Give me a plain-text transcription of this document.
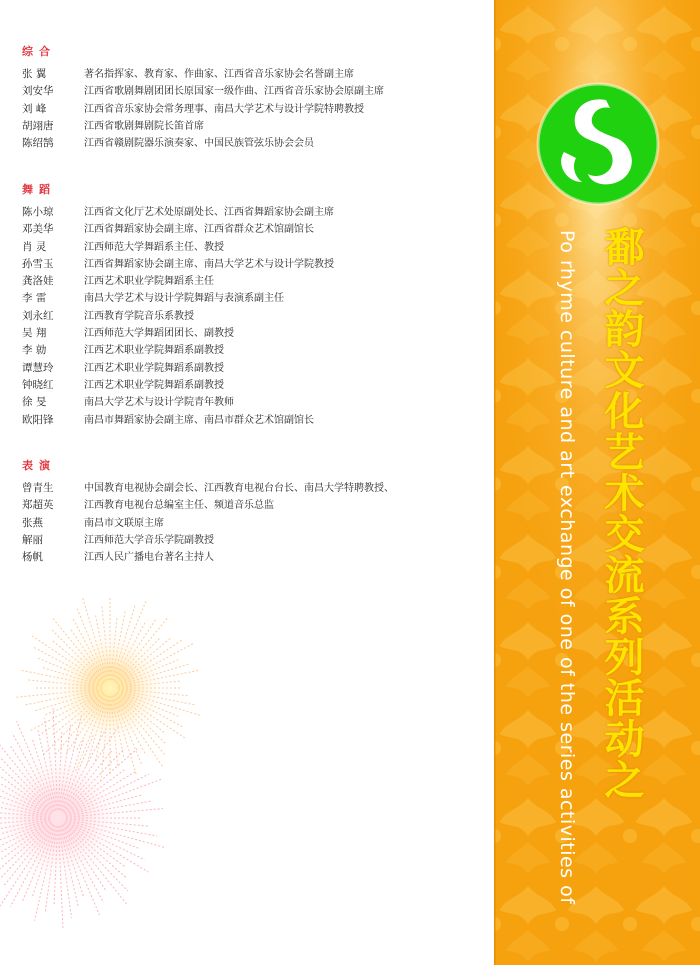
综合
张 翼	著名指挥家、教育家、作曲家、江西省音乐家协会名誉副主席
刘安华	江西省歌剧舞剧团团长原国家一级作曲、江西省音乐家协会原副主席
刘 峰	江西省音乐家协会常务理事、南昌大学艺术与设计学院特聘教授
胡翊唐	江西省歌剧舞剧院长笛首席
陈绍鹄	江西省赣剧院器乐演奏家、中国民族管弦乐协会会员
舞蹈
陈小琼	江西省文化厅艺术处原副处长、江西省舞蹈家协会副主席
邓美华	江西省舞蹈家协会副主席、江西省群众艺术馆副馆长
肖 灵	江西师范大学舞蹈系主任、教授
孙雪玉	江西省舞蹈家协会副主席、南昌大学艺术与设计学院教授
龚洛娃	江西艺术职业学院舞蹈系主任
李 雷	南昌大学艺术与设计学院舞蹈与表演系副主任
刘永红	江西教育学院音乐系教授
吴 翔	江西师范大学舞蹈团团长、副教授
李 勍	江西艺术职业学院舞蹈系副教授
谭慧玲	江西艺术职业学院舞蹈系副教授
钟晓红	江西艺术职业学院舞蹈系副教授
徐 旻	南昌大学艺术与设计学院青年教师
欧阳锋	南昌市舞蹈家协会副主席、南昌市群众艺术馆副馆长
表演
曾青生	中国教育电视协会副会长、江西教育电视台台长、南昌大学特聘教授、
郑超英	江西教育电视台总编室主任、频道音乐总监
张燕	南昌市文联原主席
解丽	江西师范大学音乐学院副教授
杨帆	江西人民广播电台著名主持人	Po rhyme culture and art exchange of one of the series activities of 鄱之韵文化艺术交流系列活动之
